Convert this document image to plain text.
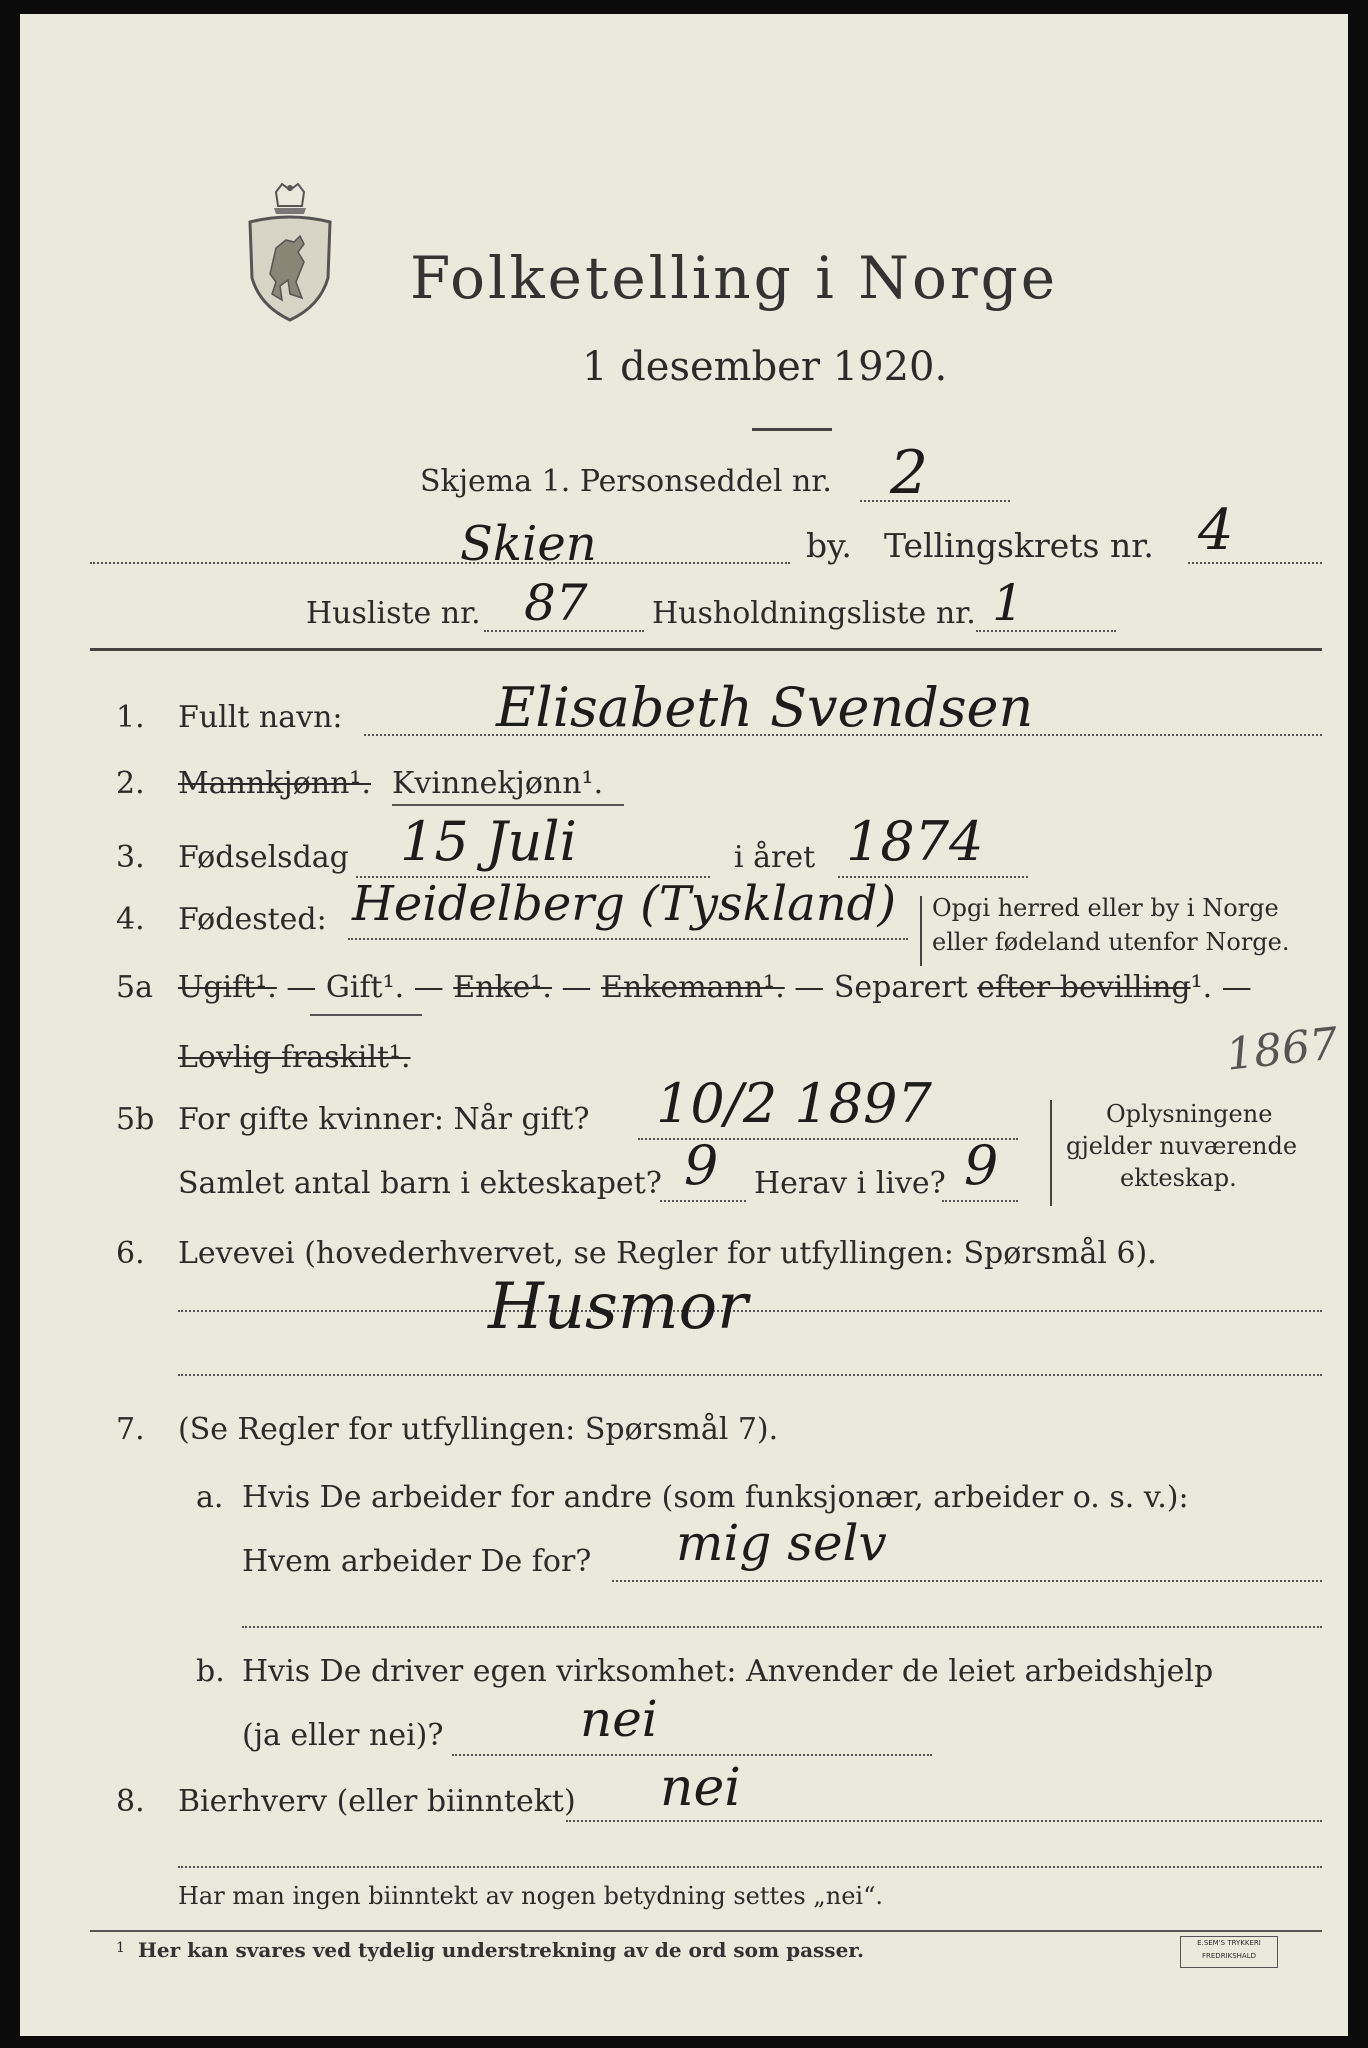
Folketelling i Norge
1 desember 1920.
Skjema 1. Personseddel nr. 2
Skien	by. Tellingskrets nr. 4
Husliste nr. 87 Husholdningsliste nr. 1
1. Fullt navn:	Elisabeth Svendsen
2. Mannkjønn¹. Kvinnekjønn¹.
3. Fødselsdag 15 Juli	i året 1874
4. Fødested: Heidelberg (Tyskland) Opgi herred eller by i Norge
eller fødeland utenfor Norge.
5a Ugift¹. — Gift¹. — Enke¹. — Enkemann¹. — Separert efter bevilling¹. —
Lovlig fraskilt¹.	1867
5b For gifte kvinner: Når gift? 10/2 1897
Samlet antal barn i ekteskapet? 9 Herav i live? 9
Oplysningene
gjelder nuværende
ekteskap.
6. Levevei (hovederhvervet, se Regler for utfyllingen: Spørsmål 6).
Husmor
7. (Se Regler for utfyllingen: Spørsmål 7).
a. Hvis De arbeider for andre (som funksjonær, arbeider o. s. v.):
Hvem arbeider De for? mig selv
b. Hvis De driver egen virksomhet: Anvender de leiet arbeidshjelp
(ja eller nei)?	nei
8. Bierhverv (eller biinntekt) nei
Har man ingen biinntekt av nogen betydning settes „nei“.
1 Her kan svares ved tydelig understrekning av de ord som passer.	E.SEM'S TRYKKERI FREDRIKSHALD
